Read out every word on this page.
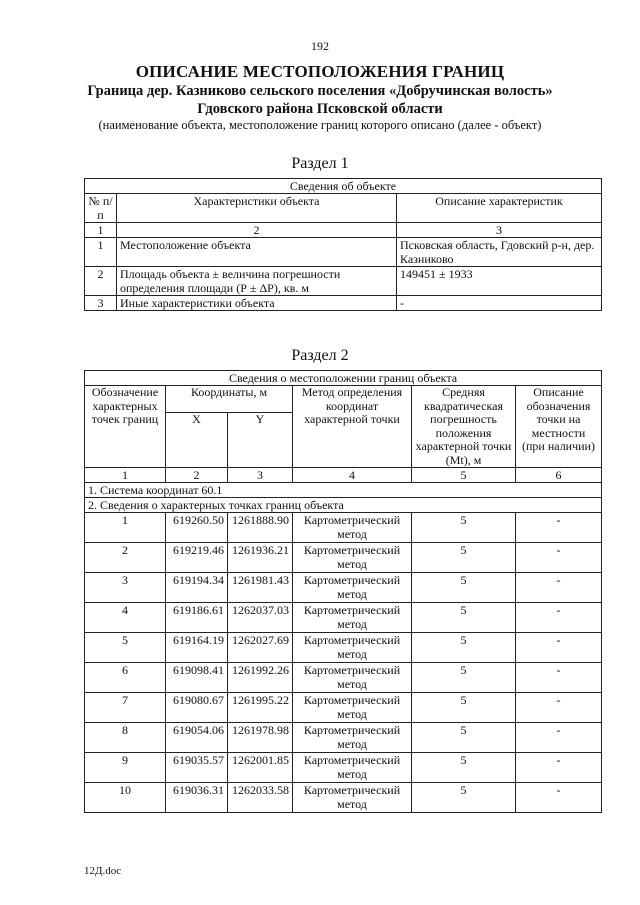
192
ОПИСАНИЕ МЕСТОПОЛОЖЕНИЯ ГРАНИЦ
Граница дер. Казниково сельского поселения «Добручинская волость»
Гдовского района Псковской области
(наименование объекта, местоположение границ которого описано (далее - объект)
Раздел 1
Сведения об объекте		
№ п/п	Характеристики объекта	Описание характеристик
1	2	3
1	Местоположение объекта	Псковская область, Гдовский р-н, дер. Казниково
2	Площадь объекта ± величина погрешности определения площади (Р ± ΔР), кв. м	149451 ± 1933
3	Иные характеристики объекта	-
Раздел 2
Сведения о местоположении границ объекта					
Обозначение характерных точек границ	Координаты, м		Метод определения координат характерной точки	Средняя квадратическая погрешность положения характерной точки (Mt), м	Описание обозначения точки на местности (при наличии)
	X	Y			
1	2	3	4	5	6
1. Система координат 60.1					
2. Сведения о характерных точках границ объекта					
1	619260.50	1261888.90	Картометрический метод	5	-
2	619219.46	1261936.21	Картометрический метод	5	-
3	619194.34	1261981.43	Картометрический метод	5	-
4	619186.61	1262037.03	Картометрический метод	5	-
5	619164.19	1262027.69	Картометрический метод	5	-
6	619098.41	1261992.26	Картометрический метод	5	-
7	619080.67	1261995.22	Картометрический метод	5	-
8	619054.06	1261978.98	Картометрический метод	5	-
9	619035.57	1262001.85	Картометрический метод	5	-
10	619036.31	1262033.58	Картометрический метод	5	-
12Д.doc
